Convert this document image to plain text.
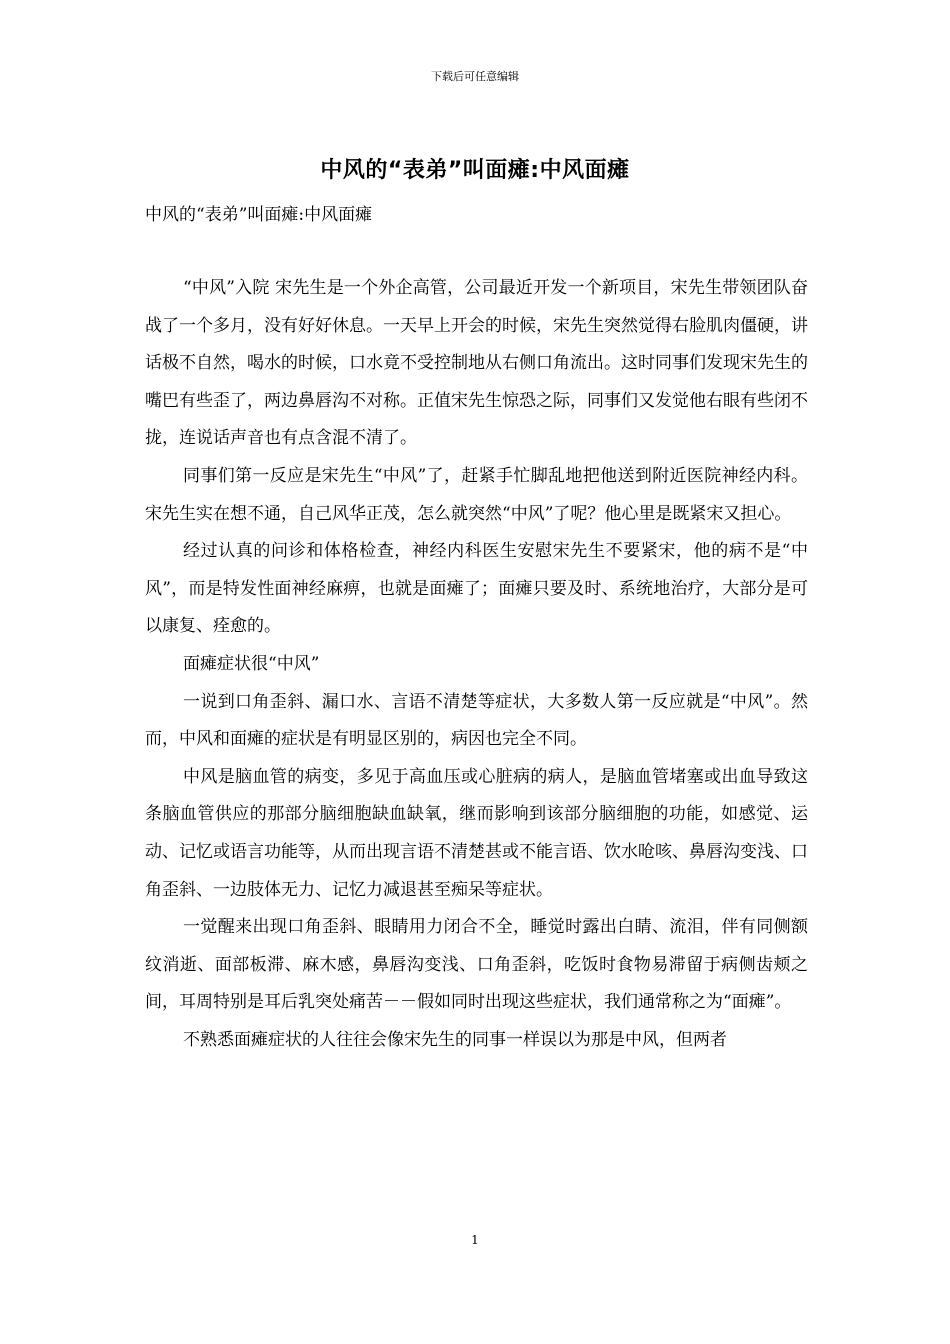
下载后可任意编辑
中风的“表弟”叫面瘫:中风面瘫
中风的“表弟”叫面瘫:中风面瘫

“中风”入院 宋先生是一个外企高管，公司最近开发一个新项目，宋先生带领团队奋战了一个多月，没有好好休息。一天早上开会的时候，宋先生突然觉得右脸肌肉僵硬，讲话极不自然，喝水的时候，口水竟不受控制地从右侧口角流出。这时同事们发现宋先生的嘴巴有些歪了，两边鼻唇沟不对称。正值宋先生惊恐之际，同事们又发觉他右眼有些闭不拢，连说话声音也有点含混不清了。

同事们第一反应是宋先生“中风”了，赶紧手忙脚乱地把他送到附近医院神经内科。宋先生实在想不通，自己风华正茂，怎么就突然“中风”了呢？他心里是既紧宋又担心。

经过认真的问诊和体格检查，神经内科医生安慰宋先生不要紧宋，他的病不是“中风”，而是特发性面神经麻痹，也就是面瘫了；面瘫只要及时、系统地治疗，大部分是可以康复、痊愈的。

面瘫症状很“中风”

一说到口角歪斜、漏口水、言语不清楚等症状，大多数人第一反应就是“中风”。然而，中风和面瘫的症状是有明显区别的，病因也完全不同。

中风是脑血管的病变，多见于高血压或心脏病的病人，是脑血管堵塞或出血导致这条脑血管供应的那部分脑细胞缺血缺氧，继而影响到该部分脑细胞的功能，如感觉、运动、记忆或语言功能等，从而出现言语不清楚甚或不能言语、饮水呛咳、鼻唇沟变浅、口角歪斜、一边肢体无力、记忆力减退甚至痴呆等症状。

一觉醒来出现口角歪斜、眼睛用力闭合不全，睡觉时露出白睛、流泪，伴有同侧额纹消逝、面部板滞、麻木感，鼻唇沟变浅、口角歪斜，吃饭时食物易滞留于病侧齿颊之间，耳周特别是耳后乳突处痛苦－－假如同时出现这些症状，我们通常称之为“面瘫”。

不熟悉面瘫症状的人往往会像宋先生的同事一样误以为那是中风，但两者

1
